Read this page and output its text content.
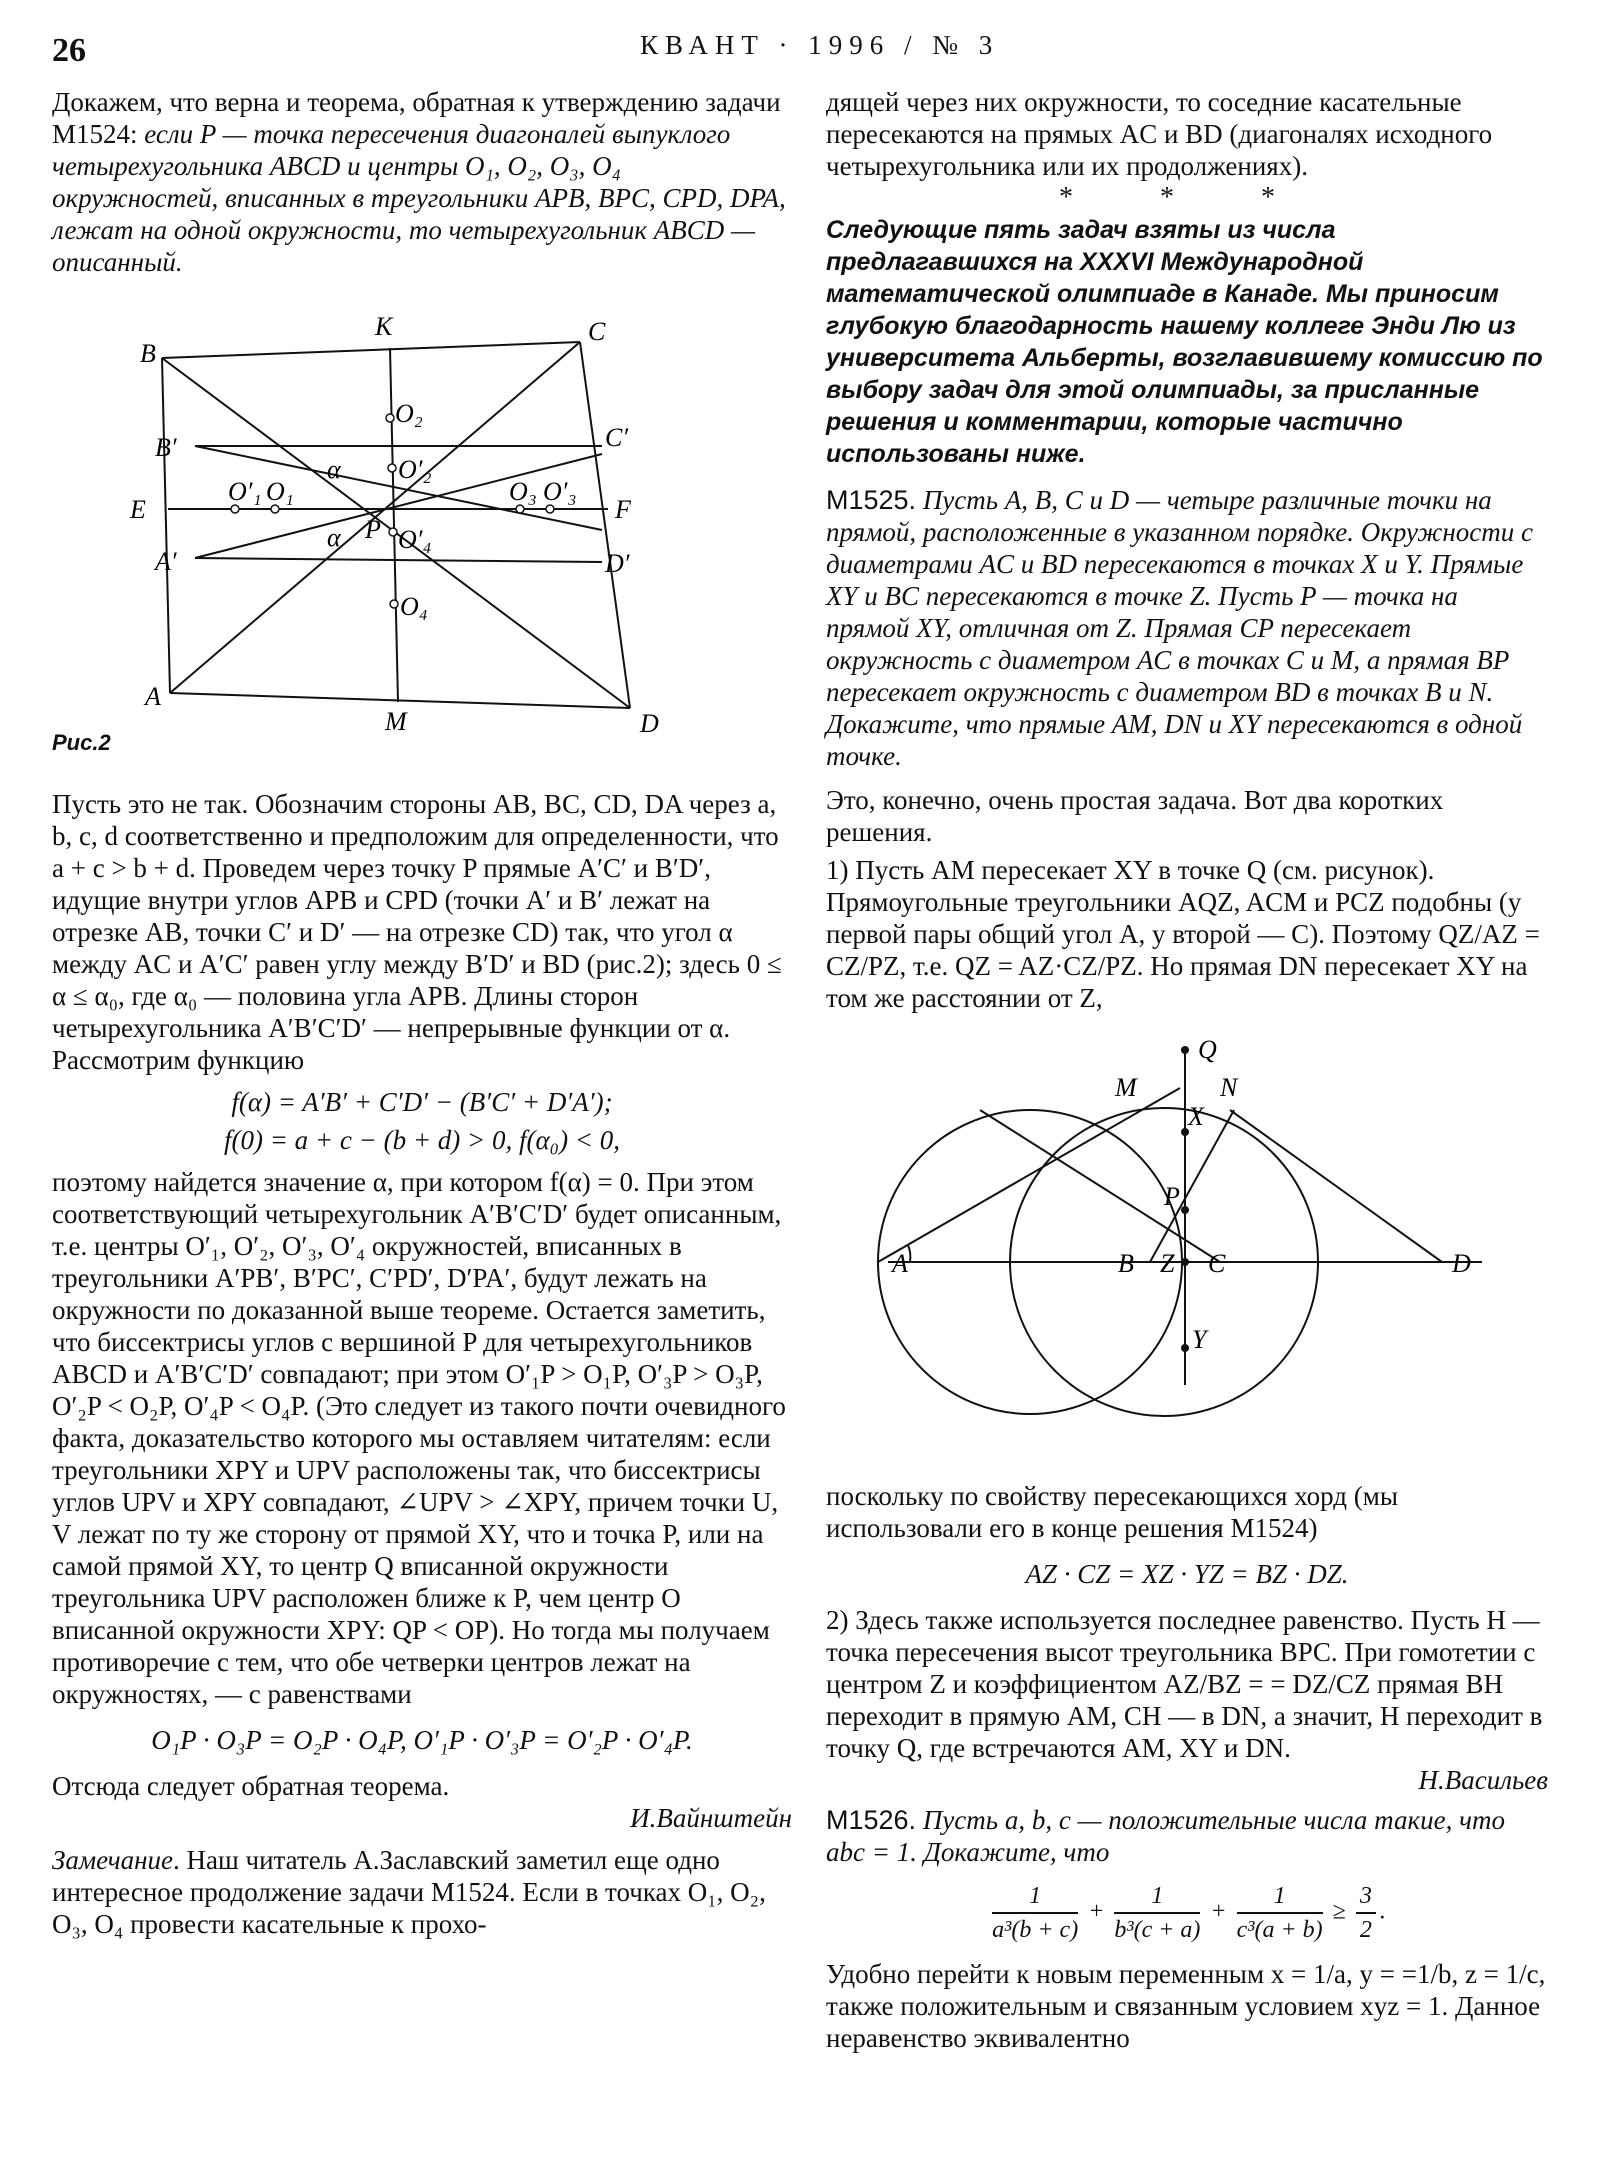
26	КВАНТ · 1996 / № 3

Докажем, что верна и теорема, обратная к утверждению задачи М1524: если P — точка пересечения диагоналей выпуклого четырехугольника ABCD и центры O₁, O₂, O₃, O₄ окружностей, вписанных в треугольники APB, BPC, CPD, DPA, лежат на одной окружности, то четырехугольник ABCD — описанный.

B
K	C
O₂
B′	C′
O′₁ O₁
α O′₂
O₃ O′₃
E	F
P
A′
α O′₄
D′
O₄
A
M	D
Рис.2

Пусть это не так. Обозначим стороны AB, BC, CD, DA через a, b, c, d соответственно и предположим для определенности, что a + c > b + d. Проведем через точку P прямые A′C′ и B′D′, идущие внутри углов APB и CPD (точки A′ и B′ лежат на отрезке AB, точки C′ и D′ — на отрезке CD) так, что угол α между AC и A′C′ равен углу между B′D′ и BD (рис.2); здесь 0 ≤ α ≤ α₀, где α₀ — половина угла APB. Длины сторон четырехугольника A′B′C′D′ — непрерывные функции от α. Рассмотрим функцию

f(α) = A′B′ + C′D′ − (B′C′ + D′A′);

f(0) = a + c − (b + d) > 0, f(α₀) < 0,

поэтому найдется значение α, при котором f(α) = 0. При этом соответствующий четырехугольник A′B′C′D′ будет описанным, т.е. центры O′₁, O′₂, O′₃, O′₄ окружностей, вписанных в треугольники A′PB′, B′PC′, C′PD′, D′PA′, будут лежать на окружности по доказанной выше теореме. Остается заметить, что биссектрисы углов с вершиной P для четырехугольников ABCD и A′B′C′D′ совпадают; при этом O′₁P > O₁P, O′₃P > O₃P, O′₂P < O₂P, O′₄P < O₄P. (Это следует из такого почти очевидного факта, доказательство которого мы оставляем читателям: если треугольники XPY и UPV расположены так, что биссектрисы углов UPV и XPY совпадают, ∠UPV > ∠XPY, причем точки U, V лежат по ту же сторону от прямой XY, что и точка P, или на самой прямой XY, то центр Q вписанной окружности треугольника UPV расположен ближе к P, чем центр O вписанной окружности XPY: QP < OP). Но тогда мы получаем противоречие с тем, что обе четверки центров лежат на окружностях, — с равенствами

O₁P · O₃P = O₂P · O₄P, O′₁P · O′₃P = O′₂P · O′₄P.

Отсюда следует обратная теорема.

И.Вайнштейн

Замечание. Наш читатель А.Заславский заметил еще одно интересное продолжение задачи М1524. Если в точках O₁, O₂, O₃, O₄ провести касательные к прохо-

дящей через них окружности, то соседние касательные пересекаются на прямых AC и BD (диагоналях исходного четырехугольника или их продолжениях).

* * *

Следующие пять задач взяты из числа предлагавшихся на XXXVI Международной математической олимпиаде в Канаде. Мы приносим глубокую благодарность нашему коллеге Энди Лю из университета Альберты, возглавившему комиссию по выбору задач для этой олимпиады, за присланные решения и комментарии, которые частично использованы ниже.

М1525. Пусть A, B, C и D — четыре различные точки на прямой, расположенные в указанном порядке. Окружности с диаметрами AC и BD пересекаются в точках X и Y. Прямые XY и BC пересекаются в точке Z. Пусть P — точка на прямой XY, отличная от Z. Прямая CP пересекает окружность с диаметром AC в точках C и M, а прямая BP пересекает окружность с диаметром BD в точках B и N. Докажите, что прямые AM, DN и XY пересекаются в одной точке.

Это, конечно, очень простая задача. Вот два коротких решения.

1) Пусть AM пересекает XY в точке Q (см. рисунок). Прямоугольные треугольники AQZ, ACM и PCZ подобны (у первой пары общий угол A, у второй — C). Поэтому QZ/AZ = CZ/PZ, т.е. QZ = AZ·CZ/PZ. Но прямая DN пересекает XY на том же расстоянии от Z,

Q
M	N
X
P
A	B Z C	D
Y

поскольку по свойству пересекающихся хорд (мы использовали его в конце решения М1524)

AZ · CZ = XZ · YZ = BZ · DZ.

2) Здесь также используется последнее равенство. Пусть H — точка пересечения высот треугольника BPC. При гомотетии с центром Z и коэффициентом AZ/BZ = = DZ/CZ прямая BH переходит в прямую AM, CH — в DN, а значит, H переходит в точку Q, где встречаются AM, XY и DN.

Н.Васильев

М1526. Пусть a, b, c — положительные числа такие, что abc = 1. Докажите, что

$\frac{1}{\text{a³(b + c)}} + \frac{1}{\text{b³(c + a)}} + \frac{1}{\text{c³(a + b)}} \ge \frac{3}{2}$ .

Удобно перейти к новым переменным x = 1/a, y = =1/b, z = 1/c, также положительным и связанным условием xyz = 1. Данное неравенство эквивалентно
